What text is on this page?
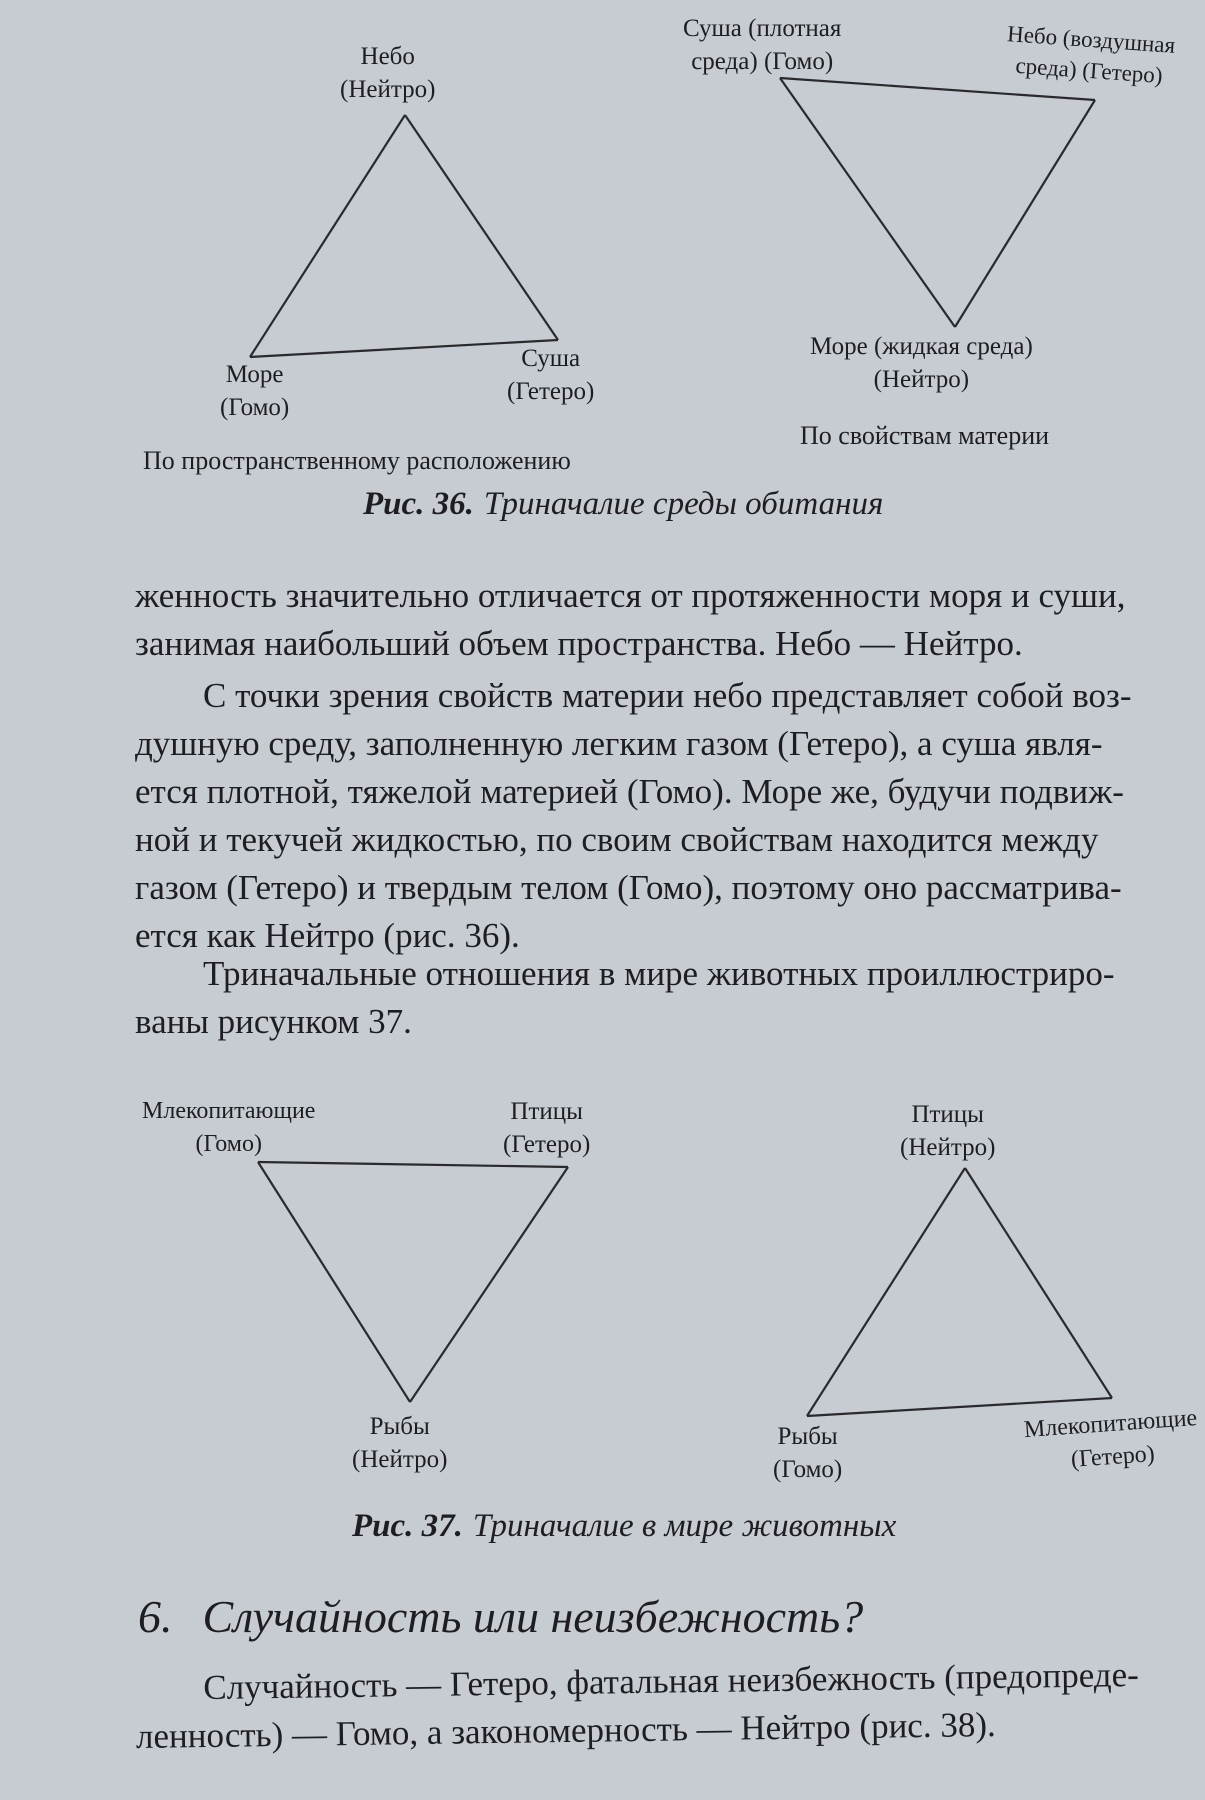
Небо
(Нейтро)
Море
(Гомо)
Суша
(Гетеро)
По пространственному расположению
Суша (плотная
среда) (Гомо)
Небо (воздушная
среда) (Гетеро)
Море (жидкая среда)
(Нейтро)
По свойствам материи
Рис. 36. Триначалие среды обитания
женность значительно отличается от протяженности моря и суши,
занимая наибольший объем пространства. Небо — Нейтро.
С точки зрения свойств материи небо представляет собой воз-
душную среду, заполненную легким газом (Гетеро), а суша явля-
ется плотной, тяжелой материей (Гомо). Море же, будучи подвиж-
ной и текучей жидкостью, по своим свойствам находится между
газом (Гетеро) и твердым телом (Гомо), поэтому оно рассматрива-
ется как Нейтро (рис. 36).
Триначальные отношения в мире животных проиллюстриро-
ваны рисунком 37.
Млекопитающие
(Гомо)
Птицы
(Гетеро)
Рыбы
(Нейтро)
Птицы
(Нейтро)
Рыбы
(Гомо)
Млекопитающие
(Гетеро)
Рис. 37. Триначалие в мире животных
6. Случайность или неизбежность?
Случайность — Гетеро, фатальная неизбежность (предопреде-
ленность) — Гомо, а закономерность — Нейтро (рис. 38).
